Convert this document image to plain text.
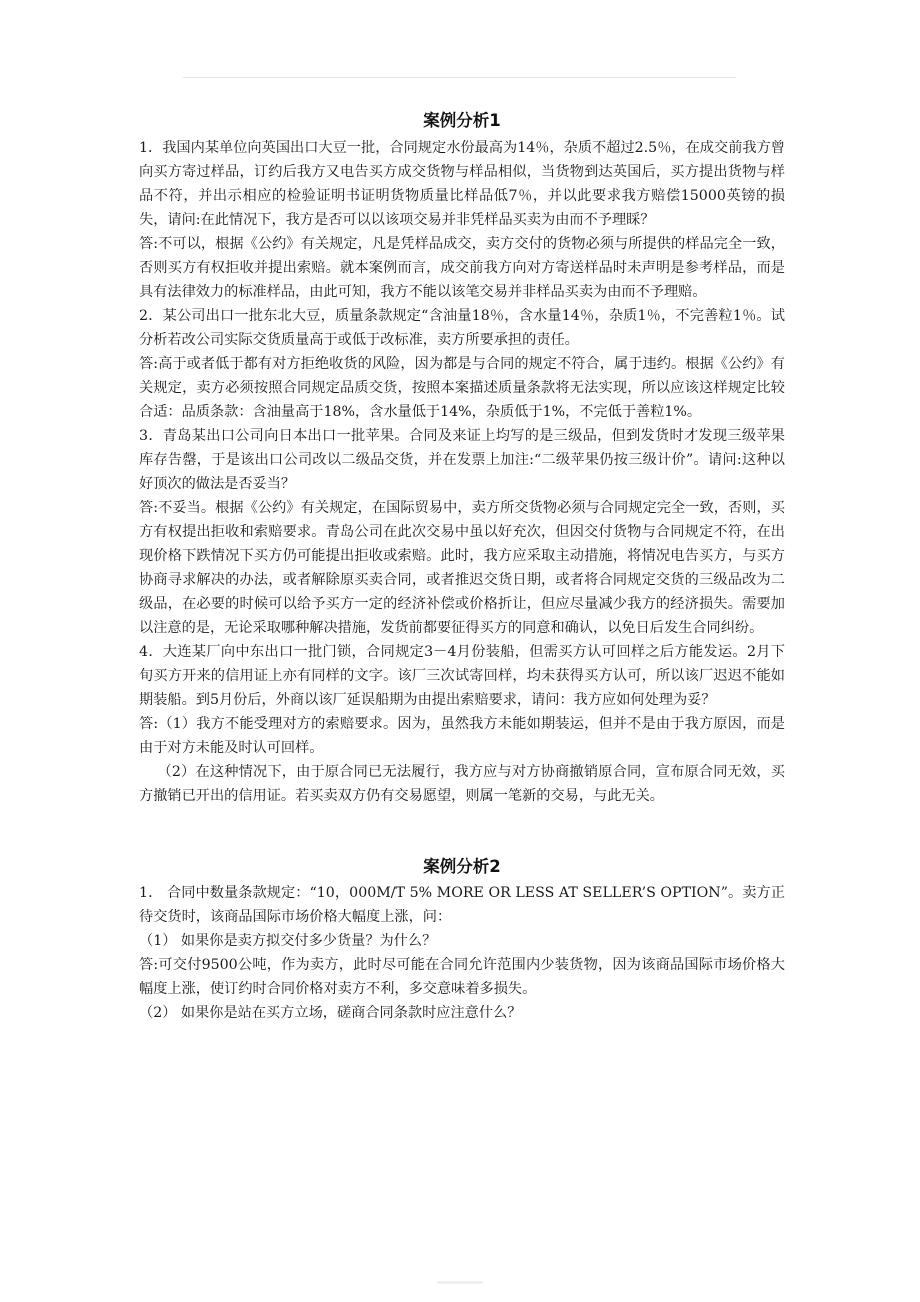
案例分析1

1．我国内某单位向英国出口大豆一批，合同规定水份最高为14％，杂质不超过2.5％，在成交前我方曾向买方寄过样品，订约后我方又电告买方成交货物与样品相似，当货物到达英国后，买方提出货物与样品不符，并出示相应的检验证明书证明货物质量比样品低7％，并以此要求我方赔偿15000英镑的损失，请问:在此情况下，我方是否可以以该项交易并非凭样品买卖为由而不予理睬？

答:不可以，根据《公约》有关规定，凡是凭样品成交，卖方交付的货物必须与所提供的样品完全一致，否则买方有权拒收并提出索赔。就本案例而言，成交前我方向对方寄送样品时未声明是参考样品，而是具有法律效力的标准样品，由此可知，我方不能以该笔交易并非样品买卖为由而不予理赔。

2．某公司出口一批东北大豆，质量条款规定“含油量18％，含水量14％，杂质1％，不完善粒1％。试分析若改公司实际交货质量高于或低于改标准，卖方所要承担的责任。

答:高于或者低于都有对方拒绝收货的风险，因为都是与合同的规定不符合，属于违约。根据《公约》有关规定，卖方必须按照合同规定品质交货，按照本案描述质量条款将无法实现，所以应该这样规定比较合适：品质条款：含油量高于18%，含水量低于14%，杂质低于1%，不完低于善粒1%。

3．青岛某出口公司向日本出口一批苹果。合同及来证上均写的是三级品，但到发货时才发现三级苹果库存告罄，于是该出口公司改以二级品交货，并在发票上加注:“二级苹果仍按三级计价”。请问:这种以好顶次的做法是否妥当？

答:不妥当。根据《公约》有关规定，在国际贸易中，卖方所交货物必须与合同规定完全一致，否则，买方有权提出拒收和索赔要求。青岛公司在此次交易中虽以好充次，但因交付货物与合同规定不符，在出现价格下跌情况下买方仍可能提出拒收或索赔。此时，我方应采取主动措施，将情况电告买方，与买方协商寻求解决的办法，或者解除原买卖合同，或者推迟交货日期，或者将合同规定交货的三级品改为二级品，在必要的时候可以给予买方一定的经济补偿或价格折让，但应尽量减少我方的经济损失。需要加以注意的是，无论采取哪种解决措施，发货前都要征得买方的同意和确认，以免日后发生合同纠纷。

4．大连某厂向中东出口一批门锁，合同规定3－4月份装船，但需买方认可回样之后方能发运。2月下旬买方开来的信用证上亦有同样的文字。该厂三次试寄回样，均未获得买方认可，所以该厂迟迟不能如期装船。到5月份后，外商以该厂延误船期为由提出索赔要求，请问：我方应如何处理为妥？

答:（1）我方不能受理对方的索赔要求。因为，虽然我方未能如期装运，但并不是由于我方原因，而是由于对方未能及时认可回样。

（2）在这种情况下，由于原合同已无法履行，我方应与对方协商撤销原合同，宣布原合同无效，买方撤销已开出的信用证。若买卖双方仍有交易愿望，则属一笔新的交易，与此无关。

案例分析2

1． 合同中数量条款规定：“10，000M/T 5% MORE OR LESS AT SELLER’S OPTION”。卖方正待交货时，该商品国际市场价格大幅度上涨，问：

（1） 如果你是卖方拟交付多少货量？为什么？

答:可交付9500公吨，作为卖方，此时尽可能在合同允许范围内少装货物，因为该商品国际市场价格大幅度上涨，使订约时合同价格对卖方不利，多交意味着多损失。

（2） 如果你是站在买方立场，磋商合同条款时应注意什么？
